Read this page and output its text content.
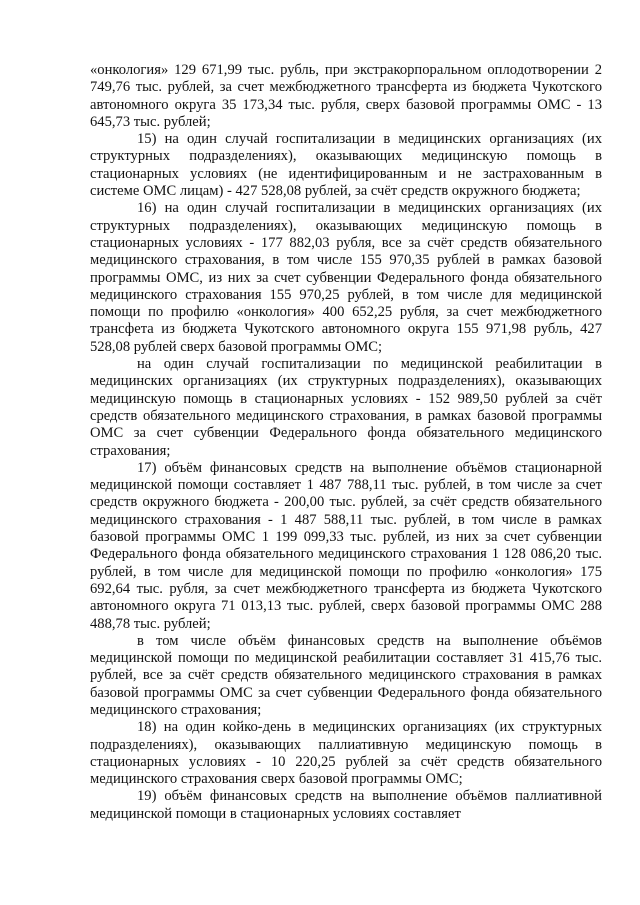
«онкология» 129 671,99 тыс. рубль, при экстракорпоральном оплодотворении 2 749,76 тыс. рублей, за счет межбюджетного трансферта из бюджета Чукотского автономного округа 35 173,34 тыс. рубля, сверх базовой программы ОМС - 13 645,73 тыс. рублей;

15) на один случай госпитализации в медицинских организациях (их структурных подразделениях), оказывающих медицинскую помощь в стационарных условиях (не идентифицированным и не застрахованным в системе ОМС лицам) - 427 528,08 рублей, за счёт средств окружного бюджета;

16) на один случай госпитализации в медицинских организациях (их структурных подразделениях), оказывающих медицинскую помощь в стационарных условиях - 177 882,03 рубля, все за счёт средств обязательного медицинского страхования, в том числе 155 970,35 рублей в рамках базовой программы ОМС, из них за счет субвенции Федерального фонда обязательного медицинского страхования 155 970,25 рублей, в том числе для медицинской помощи по профилю «онкология» 400 652,25 рубля, за счет межбюджетного трансфета из бюджета Чукотского автономного округа 155 971,98 рубль, 427 528,08 рублей сверх базовой программы ОМС;

на один случай госпитализации по медицинской реабилитации в медицинских организациях (их структурных подразделениях), оказывающих медицинскую помощь в стационарных условиях - 152 989,50 рублей за счёт средств обязательного медицинского страхования, в рамках базовой программы ОМС за счет субвенции Федерального фонда обязательного медицинского страхования;

17) объём финансовых средств на выполнение объёмов стационарной медицинской помощи составляет 1 487 788,11 тыс. рублей, в том числе за счет средств окружного бюджета - 200,00 тыс. рублей, за счёт средств обязательного медицинского страхования - 1 487 588,11 тыс. рублей, в том числе в рамках базовой программы ОМС 1 199 099,33 тыс. рублей, из них за счет субвенции Федерального фонда обязательного медицинского страхования 1 128 086,20 тыс. рублей, в том числе для медицинской помощи по профилю «онкология» 175 692,64 тыс. рубля, за счет межбюджетного трансферта из бюджета Чукотского автономного округа 71 013,13 тыс. рублей, сверх базовой программы ОМС 288 488,78 тыс. рублей;

в том числе объём финансовых средств на выполнение объёмов медицинской помощи по медицинской реабилитации составляет 31 415,76 тыс. рублей, все за счёт средств обязательного медицинского страхования в рамках базовой программы ОМС за счет субвенции Федерального фонда обязательного медицинского страхования;

18) на один койко-день в медицинских организациях (их структурных подразделениях), оказывающих паллиативную медицинскую помощь в стационарных условиях - 10 220,25 рублей за счёт средств обязательного медицинского страхования сверх базовой программы ОМС;

19) объём финансовых средств на выполнение объёмов паллиативной медицинской помощи в стационарных условиях составляет
